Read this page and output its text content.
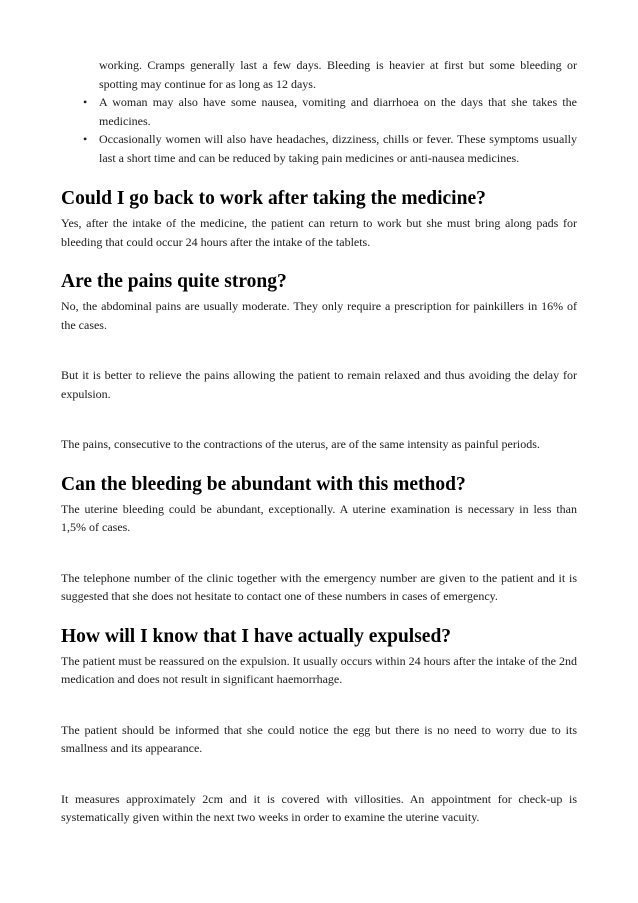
working. Cramps generally last a few days. Bleeding is heavier at first but some bleeding or spotting may continue for as long as 12 days.

• A woman may also have some nausea, vomiting and diarrhoea on the days that she takes the medicines.
• Occasionally women will also have headaches, dizziness, chills or fever. These symptoms usually last a short time and can be reduced by taking pain medicines or anti-nausea medicines.
Could I go back to work after taking the medicine?

Yes, after the intake of the medicine, the patient can return to work but she must bring along pads for bleeding that could occur 24 hours after the intake of the tablets.

Are the pains quite strong?

No, the abdominal pains are usually moderate. They only require a prescription for painkillers in 16% of the cases.

But it is better to relieve the pains allowing the patient to remain relaxed and thus avoiding the delay for expulsion.

The pains, consecutive to the contractions of the uterus, are of the same intensity as painful periods.

Can the bleeding be abundant with this method?

The uterine bleeding could be abundant, exceptionally. A uterine examination is necessary in less than 1,5% of cases.

The telephone number of the clinic together with the emergency number are given to the patient and it is suggested that she does not hesitate to contact one of these numbers in cases of emergency.

How will I know that I have actually expulsed?

The patient must be reassured on the expulsion. It usually occurs within 24 hours after the intake of the 2nd medication and does not result in significant haemorrhage.

The patient should be informed that she could notice the egg but there is no need to worry due to its smallness and its appearance.

It measures approximately 2cm and it is covered with villosities. An appointment for check-up is systematically given within the next two weeks in order to examine the uterine vacuity.
